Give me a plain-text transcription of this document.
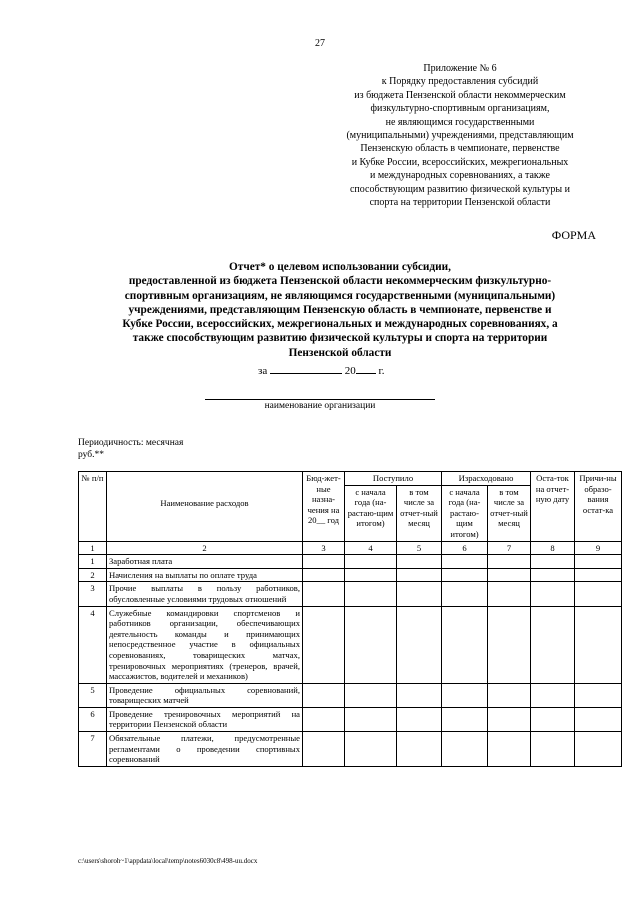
27
Приложение № 6
к Порядку предоставления субсидий
из бюджета Пензенской области некоммерческим
физкультурно-спортивным организациям,
не являющимся государственными
(муниципальными) учреждениями, представляющим
Пензенскую область в чемпионате, первенстве
и Кубке России, всероссийских, межрегиональных
и международных соревнованиях, а также
способствующим развитию физической культуры и
спорта на территории Пензенской области
ФОРМА
Отчет* о целевом использовании субсидии,
предоставленной из бюджета Пензенской области некоммерческим физкультурно-
спортивным организациям, не являющимся государственными (муниципальными)
учреждениями, представляющим Пензенскую область в чемпионате, первенстве и
Кубке России, всероссийских, межрегиональных и международных соревнованиях, а
также способствующим развитию физической культуры и спорта на территории
Пензенской области
за	20 г.
наименование организации
Периодичность: месячная
руб.**
№ п/п	Наименование расходов	Бюд-жет-ные назна-чения на 20__ год	Поступило		Израсходовано		Оста-ток на отчет-ную дату	Причи-ны образо-вания остат-ка
			с начала года (на-растаю-щим итогом)	в том числе за отчет-ный месяц	с начала года (на-растаю-щим итогом)	в том числе за отчет-ный месяц		
1	2	3	4	5	6	7	8	9
1	Заработная плата							
2	Начисления на выплаты по оплате труда							
3	Прочие выплаты в пользу работников, обусловленные условиями трудовых отношений							
4	Служебные командировки спортсменов и работников организации, обеспечивающих деятельность команды и принимающих непосредственное участие в официальных соревнованиях, товарищеских матчах, тренировочных мероприятиях (тренеров, врачей, массажистов, водителей и механиков)							
5	Проведение официальных соревнований, товарищеских матчей							
6	Проведение тренировочных мероприятий на территории Пензенской области							
7	Обязательные платежи, предусмотренные регламентами о проведении спортивных соревнований							
c:\users\shoroh~1\appdata\local\temp\notes6030c8\498-uu.docx
